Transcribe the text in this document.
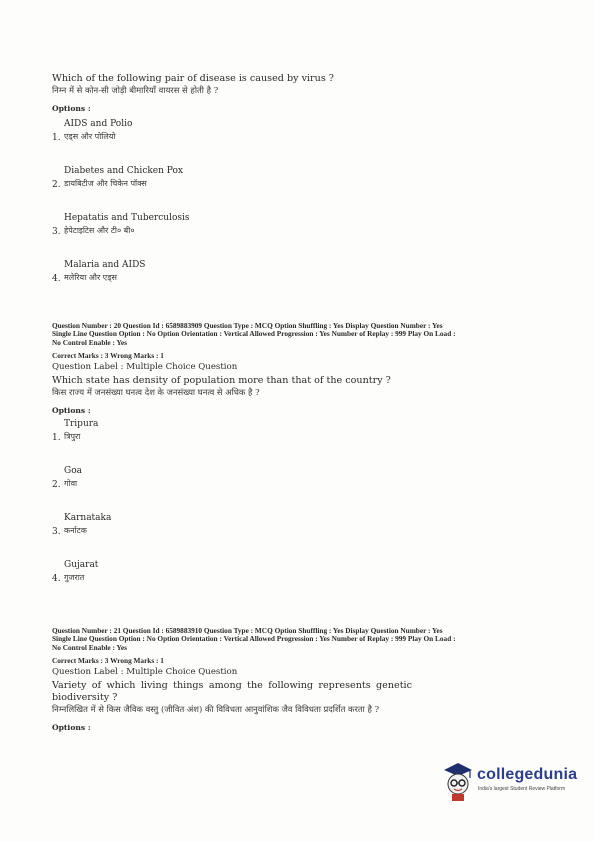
Which of the following pair of disease is caused by virus ?
निम्न में से कोन-सी जोड़ी बीमारियाँ वायरस से होती है ?
Options :
1.
AIDS and Polio
एड्स और पोलियो
2.
Diabetes and Chicken Pox
डायबिटीज और चिकेन पॉक्स
3.
Hepatatis and Tuberculosis
हेपेटाइटिस और टी० बी०
4.
Malaria and AIDS
मलेरिया और एड्स
Question Number : 20 Question Id : 6589883909 Question Type : MCQ Option Shuffling : Yes Display Question Number : Yes
Single Line Question Option : No Option Orientation : Vertical Allowed Progression : Yes Number of Replay : 999 Play On Load :
No Control Enable : Yes
Correct Marks : 3 Wrong Marks : 1
Question Label : Multiple Choice Question
Which state has density of population more than that of the country ?
किस राज्य में जनसंख्या घनत्व देश के जनसंख्या घनत्व से अधिक है ?
Options :
1.
Tripura
त्रिपुरा
2.
Goa
गोवा
3.
Karnataka
कर्नाटक
4.
Gujarat
गुजरात
Question Number : 21 Question Id : 6589883910 Question Type : MCQ Option Shuffling : Yes Display Question Number : Yes
Single Line Question Option : No Option Orientation : Vertical Allowed Progression : Yes Number of Replay : 999 Play On Load :
No Control Enable : Yes
Correct Marks : 3 Wrong Marks : 1
Question Label : Multiple Choice Question
Variety of which living things among the following represents genetic biodiversity ?
निम्नलिखित में से किस जैविक वस्तु (जीवित अंश) की विविधता आनुवांशिक जैव विविधता प्रदर्शित करता है ?
Options :
collegedunia
India's largest Student Review Platform
